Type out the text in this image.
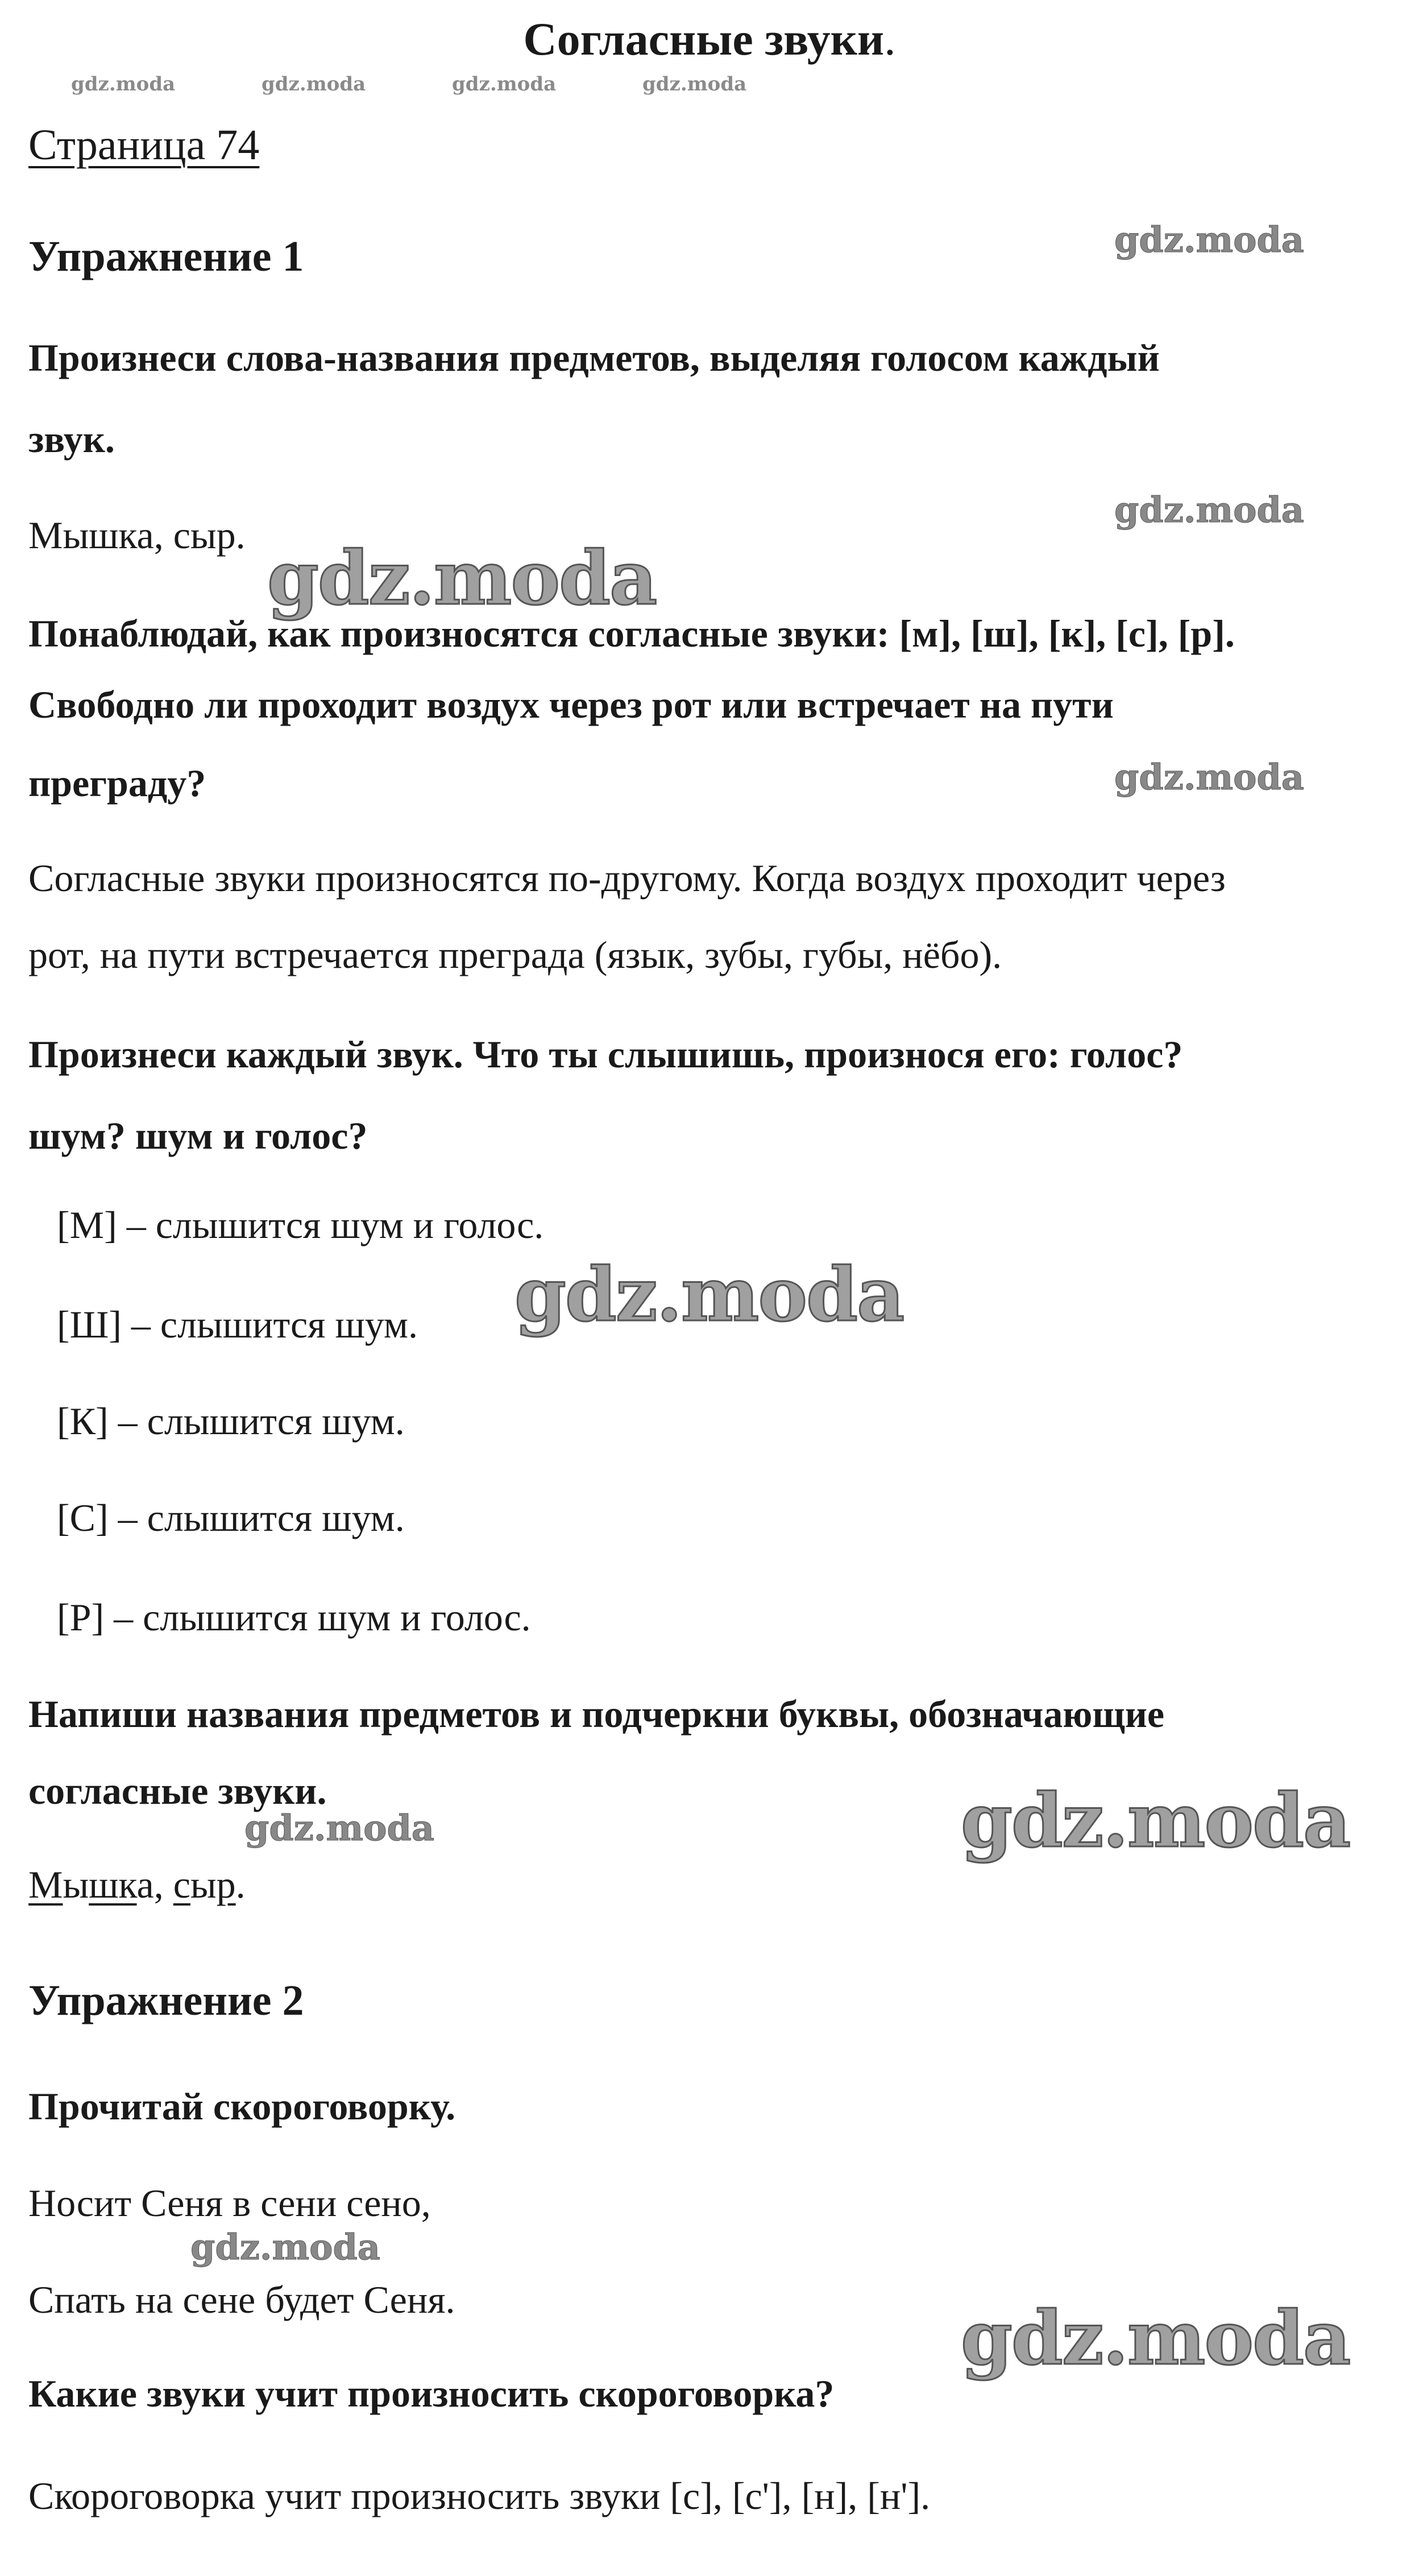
Согласные звуки.
gdz.moda	gdz.moda	gdz.moda	gdz.moda
Страница 74
Упражнение 1	gdz.moda
Произнеси слова-названия предметов, выделяя голосом каждый
звук.
gdz.moda
Мышка, сыр. gdz.moda
Понаблюдай, как произносятся согласные звуки: [м], [ш], [к], [с], [р].
Свободно ли проходит воздух через рот или встречает на пути
преграду?	gdz.moda
Согласные звуки произносятся по-другому. Когда воздух проходит через
рот, на пути встречается преграда (язык, зубы, губы, нёбо).
Произнеси каждый звук. Что ты слышишь, произнося его: голос?
шум? шум и голос?
[М] – слышится шум и голос.
gdz.moda
[Ш] – слышится шум.
[К] – слышится шум.
[С] – слышится шум.
[Р] – слышится шум и голос.
Напиши названия предметов и подчеркни буквы, обозначающие
согласные звуки.	gdz.moda
gdz.moda
Мышка, сыр.
Упражнение 2
Прочитай скороговорку.
Носит Сеня в сени сено,
gdz.moda
Спать на сене будет Сеня.	gdz.moda
Какие звуки учит произносить скороговорка?
Скороговорка учит произносить звуки [с], [с'], [н], [н'].
